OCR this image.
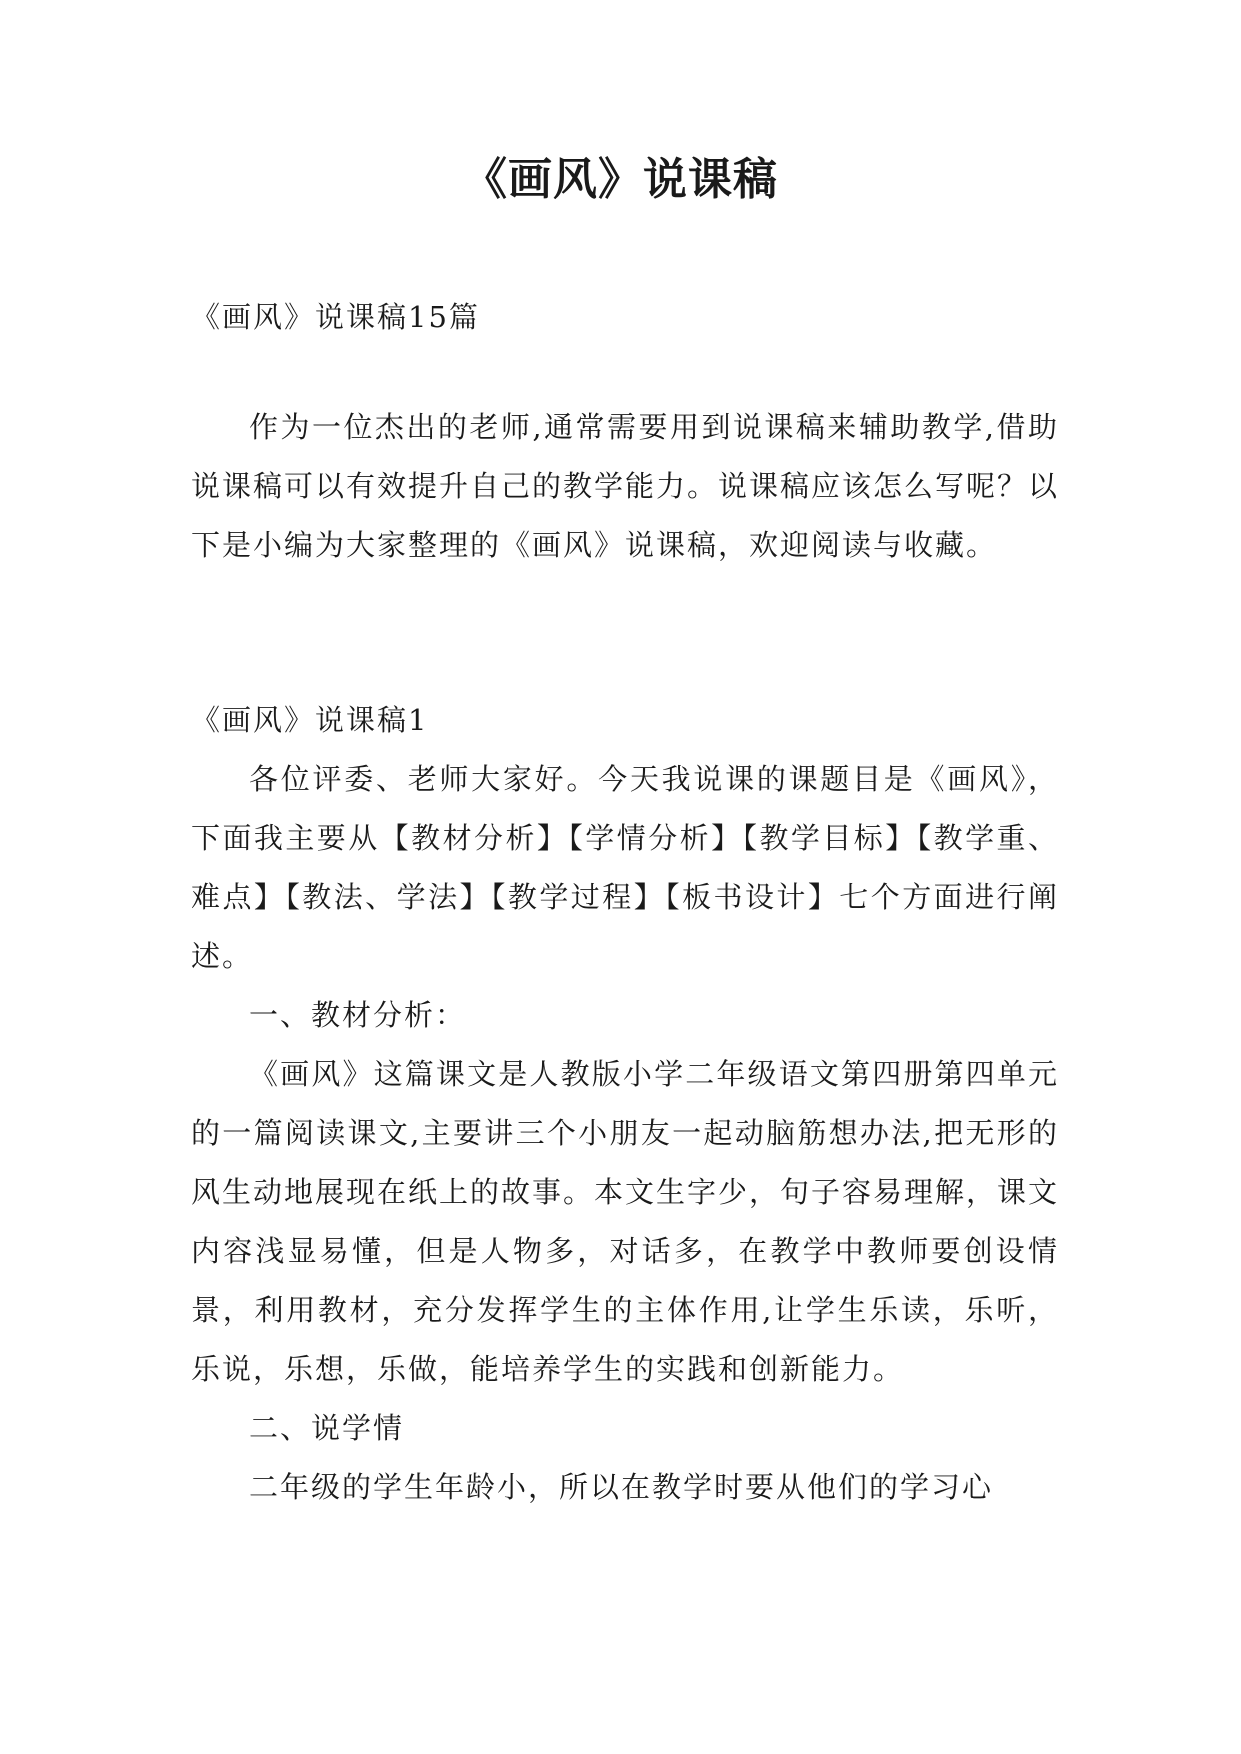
《画风》说课稿

《画风》说课稿15篇

作为一位杰出的老师,通常需要用到说课稿来辅助教学,借助说课稿可以有效提升自己的教学能力。说课稿应该怎么写呢？以下是小编为大家整理的《画风》说课稿，欢迎阅读与收藏。

《画风》说课稿1

各位评委、老师大家好。今天我说课的课题目是《画风》，下面我主要从【教材分析】【学情分析】【教学目标】【教学重、难点】【教法、学法】【教学过程】【板书设计】七个方面进行阐述。

一、教材分析：

《画风》这篇课文是人教版小学二年级语文第四册第四单元的一篇阅读课文,主要讲三个小朋友一起动脑筋想办法,把无形的风生动地展现在纸上的故事。本文生字少，句子容易理解，课文内容浅显易懂，但是人物多，对话多，在教学中教师要创设情景，利用教材，充分发挥学生的主体作用,让学生乐读，乐听，乐说，乐想，乐做，能培养学生的实践和创新能力。

二、说学情

二年级的学生年龄小，所以在教学时要从他们的学习心
